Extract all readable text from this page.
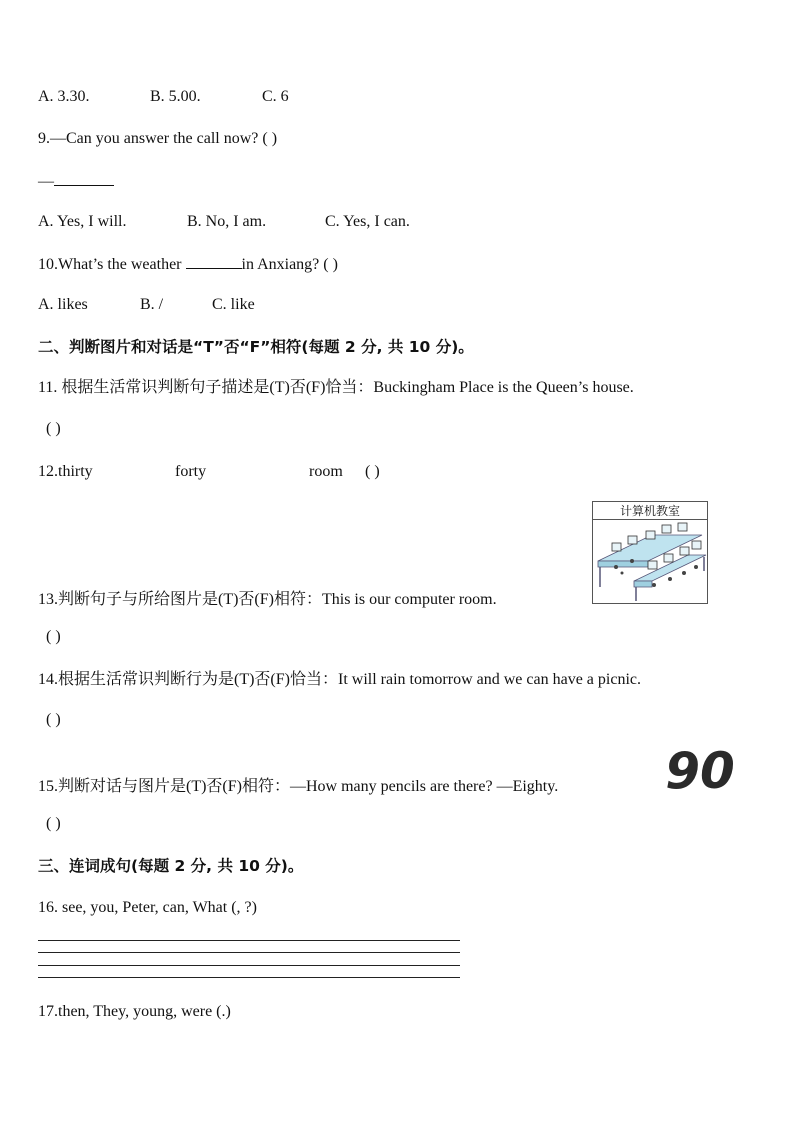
A. 3.30.	B. 5.00.	C. 6
9.—Can you answer the call now? ( )
—
A. Yes, I will.	B. No, I am.	C. Yes, I can.
10.What’s the weather	in Anxiang? ( )
A. likes	B. /	C. like
二、判断图片和对话是“T”否“F”相符(每题 2 分, 共 10 分)。
11. 根据生活常识判断句子描述是(T)否(F)恰当：Buckingham Place is the Queen’s house.
( )
12.thirty	forty	room ( )
计算机教室
13.判断句子与所给图片是(T)否(F)相符：This is our computer room.
( )
14.根据生活常识判断行为是(T)否(F)恰当：It will rain tomorrow and we can have a picnic.
( )
15.判断对话与图片是(T)否(F)相符：—How many pencils are there? —Eighty. 90
( )
三、连词成句(每题 2 分, 共 10 分)。
16. see, you, Peter, can, What (, ?)
17.then, They, young, were (.)
